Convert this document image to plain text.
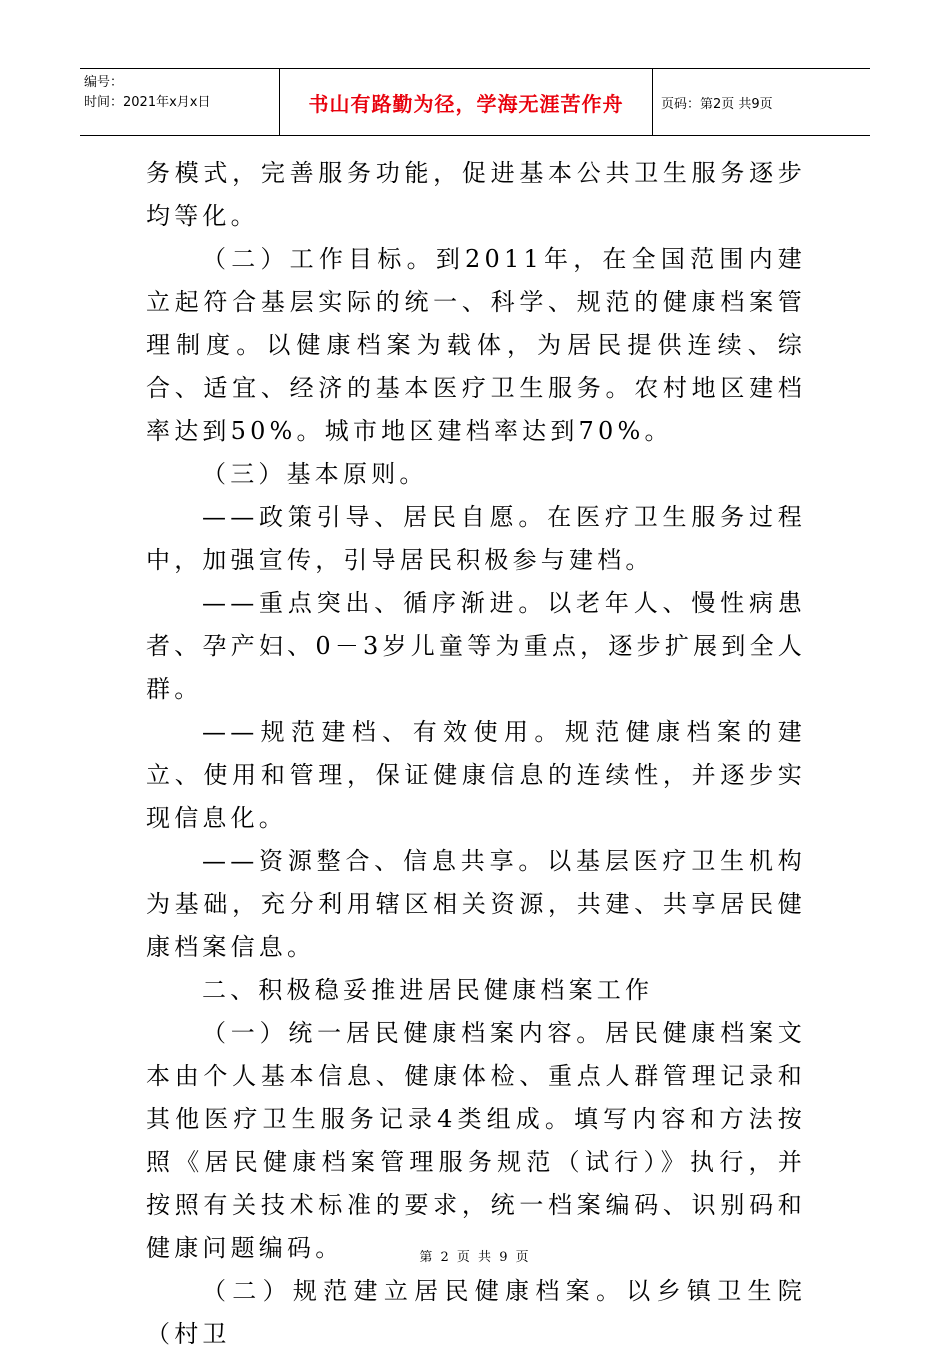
编号：
时间：2021年x月x日	书山有路勤为径，学海无涯苦作舟	页码：第2页 共9页

务模式，完善服务功能，促进基本公共卫生服务逐步均等化。

（二）工作目标。到2011年，在全国范围内建立起符合基层实际的统一、科学、规范的健康档案管理制度。以健康档案为载体，为居民提供连续、综合、适宜、经济的基本医疗卫生服务。农村地区建档率达到50%。城市地区建档率达到70%。

（三）基本原则。

——政策引导、居民自愿。在医疗卫生服务过程中，加强宣传，引导居民积极参与建档。

——重点突出、循序渐进。以老年人、慢性病患者、孕产妇、0－3岁儿童等为重点，逐步扩展到全人群。

——规范建档、有效使用。规范健康档案的建立、使用和管理，保证健康信息的连续性，并逐步实现信息化。

——资源整合、信息共享。以基层医疗卫生机构为基础，充分利用辖区相关资源，共建、共享居民健康档案信息。

二、积极稳妥推进居民健康档案工作

（一）统一居民健康档案内容。居民健康档案文本由个人基本信息、健康体检、重点人群管理记录和其他医疗卫生服务记录4类组成。填写内容和方法按照《居民健康档案管理服务规范（试行）》执行，并按照有关技术标准的要求，统一档案编码、识别码和健康问题编码。

（二）规范建立居民健康档案。以乡镇卫生院（村卫

第 2 页 共 9 页
